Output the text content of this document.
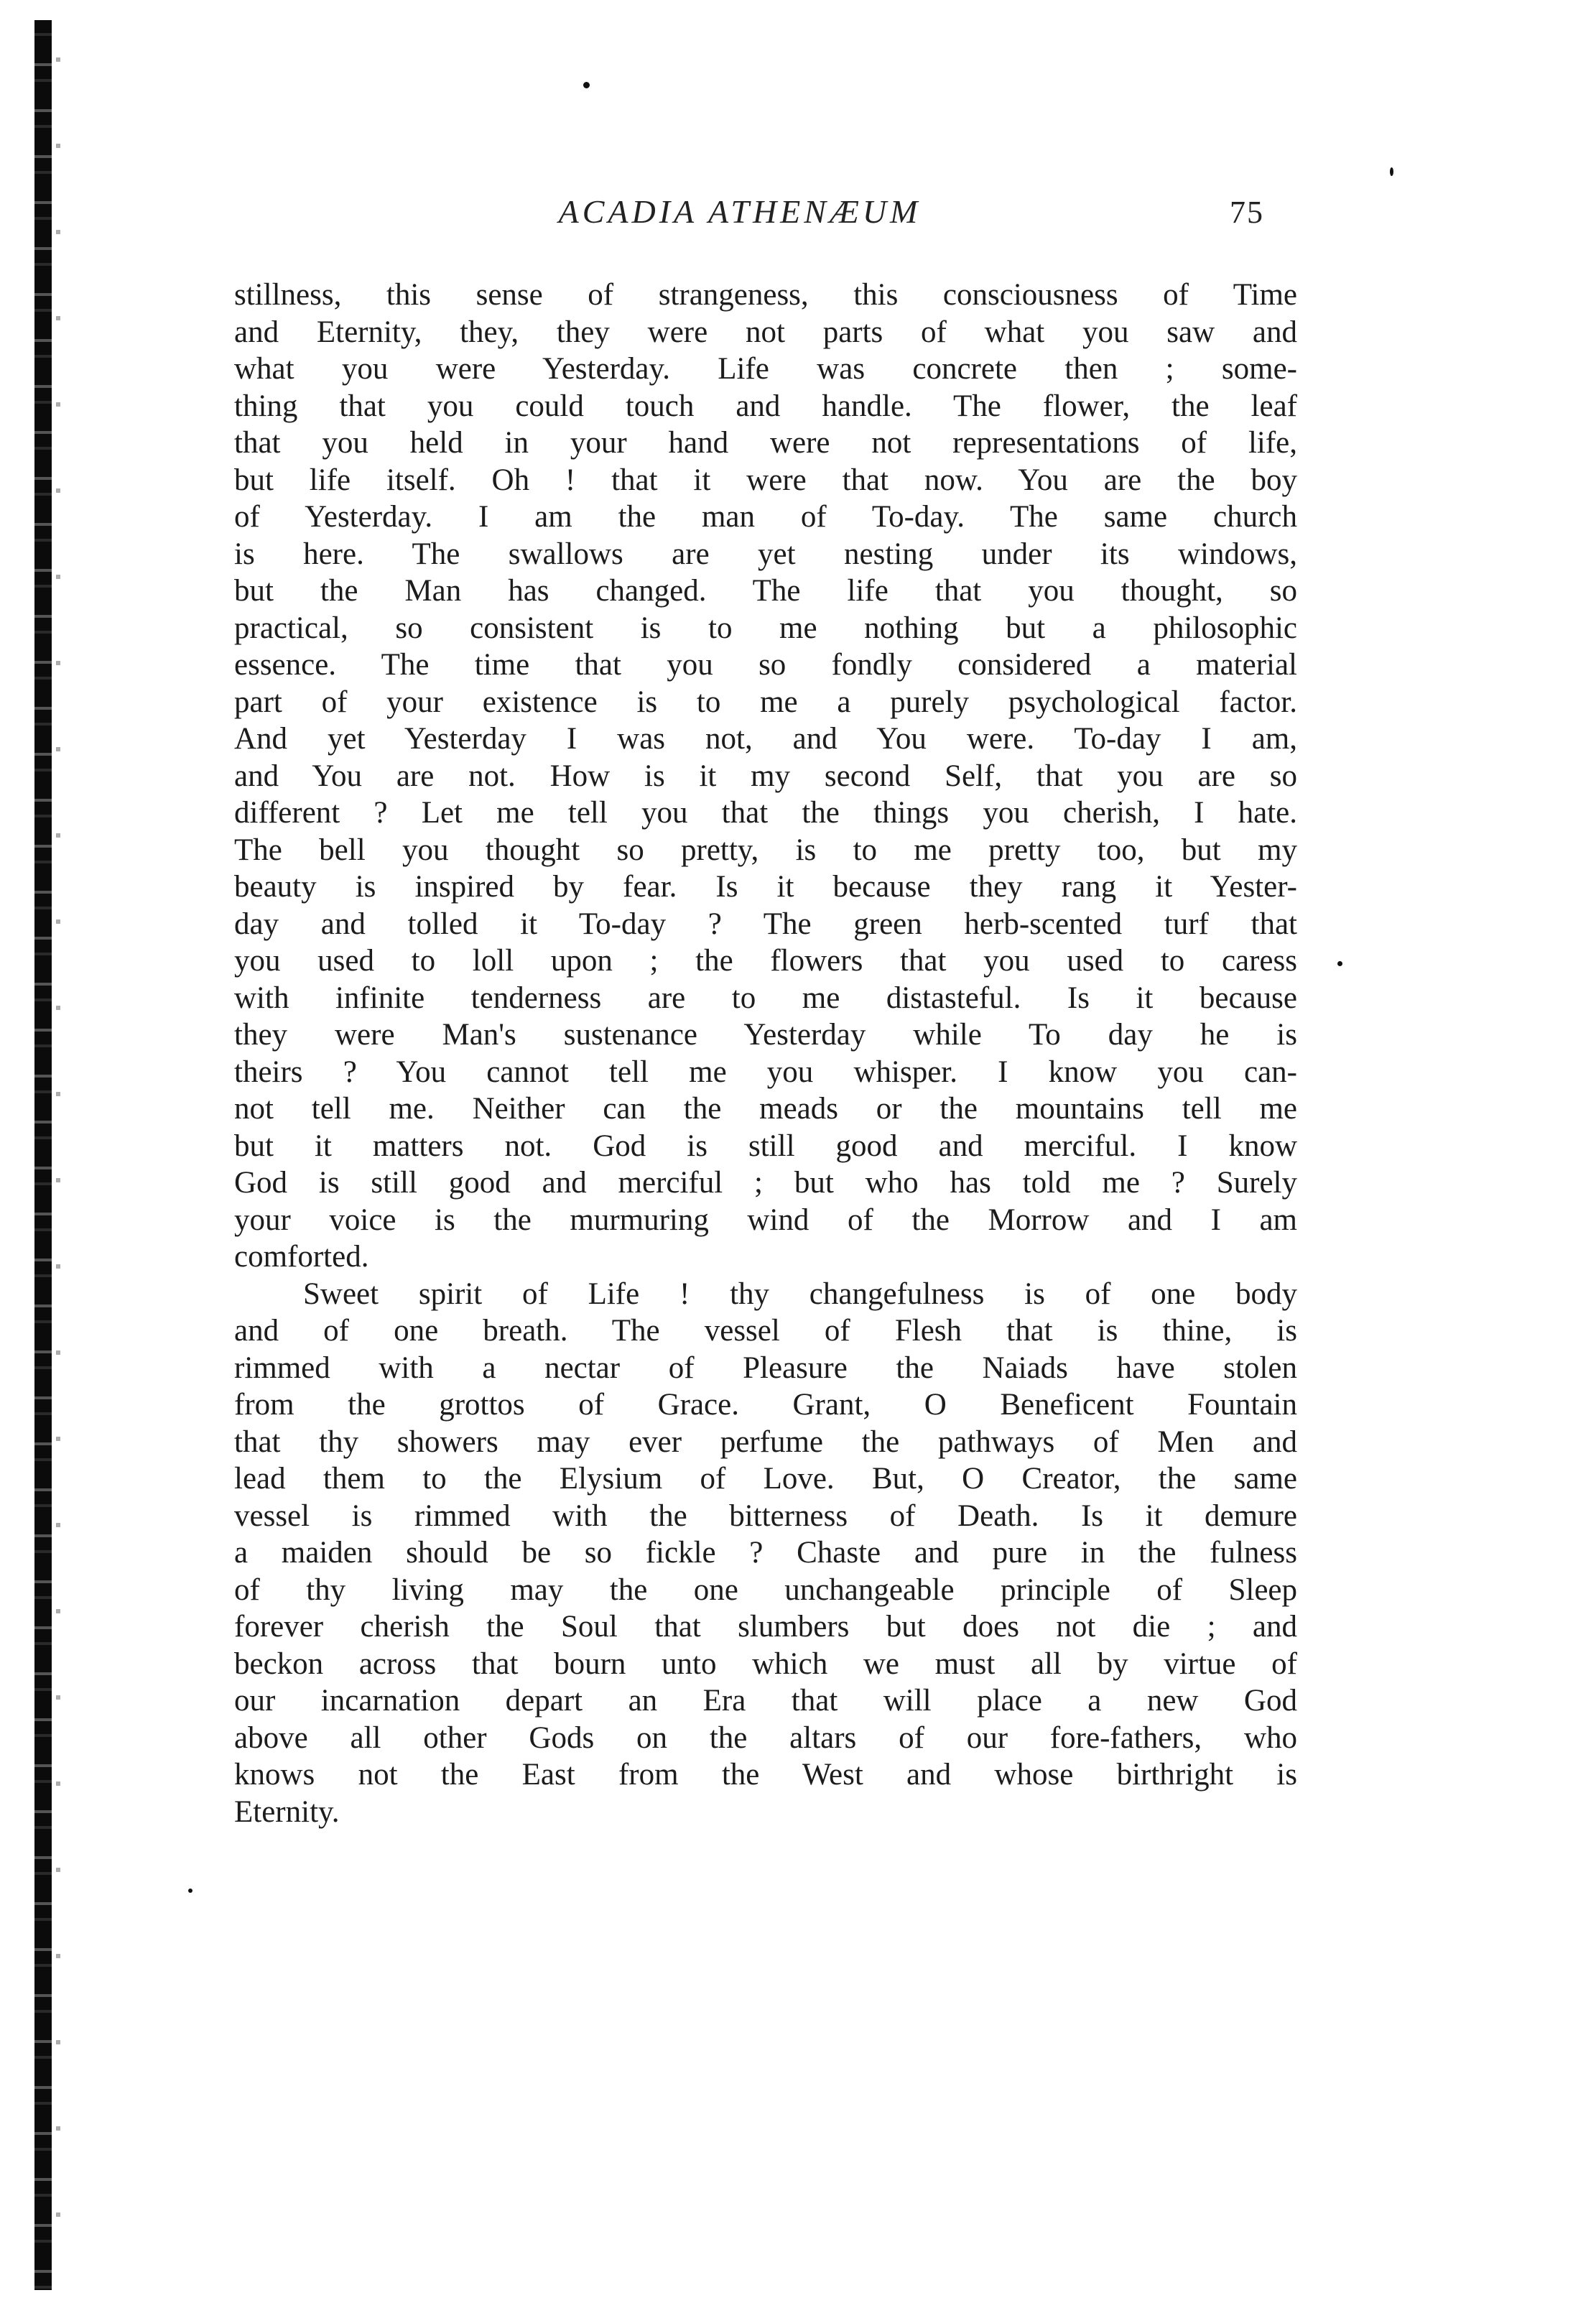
ACADIA ATHENÆUM	75
stillness, this sense of strangeness, this consciousness of Time
and Eternity, they, they were not parts of what you saw and
what you were Yesterday. Life was concrete then ; some-
thing that you could touch and handle. The flower, the leaf
that you held in your hand were not representations of life,
but life itself. Oh ! that it were that now. You are the boy
of Yesterday. I am the man of To-day. The same church
is here. The swallows are yet nesting under its windows,
but the Man has changed. The life that you thought, so
practical, so consistent is to me nothing but a philosophic
essence. The time that you so fondly considered a material
part of your existence is to me a purely psychological factor.
And yet Yesterday I was not, and You were. To-day I am,
and You are not. How is it my second Self, that you are so
different ? Let me tell you that the things you cherish, I hate.
The bell you thought so pretty, is to me pretty too, but my
beauty is inspired by fear. Is it because they rang it Yester-
day and tolled it To-day ? The green herb-scented turf that
you used to loll upon ; the flowers that you used to caress
with infinite tenderness are to me distasteful. Is it because
they were Man's sustenance Yesterday while To day he is
theirs ? You cannot tell me you whisper. I know you can-
not tell me. Neither can the meads or the mountains tell me
but it matters not. God is still good and merciful. I know
God is still good and merciful ; but who has told me ? Surely
your voice is the murmuring wind of the Morrow and I am
comforted.
Sweet spirit of Life ! thy changefulness is of one body
and of one breath. The vessel of Flesh that is thine, is
rimmed with a nectar of Pleasure the Naiads have stolen
from the grottos of Grace. Grant, O Beneficent Fountain
that thy showers may ever perfume the pathways of Men and
lead them to the Elysium of Love. But, O Creator, the same
vessel is rimmed with the bitterness of Death. Is it demure
a maiden should be so fickle ? Chaste and pure in the fulness
of thy living may the one unchangeable principle of Sleep
forever cherish the Soul that slumbers but does not die ; and
beckon across that bourn unto which we must all by virtue of
our incarnation depart an Era that will place a new God
above all other Gods on the altars of our fore-fathers, who
knows not the East from the West and whose birthright is
Eternity.
